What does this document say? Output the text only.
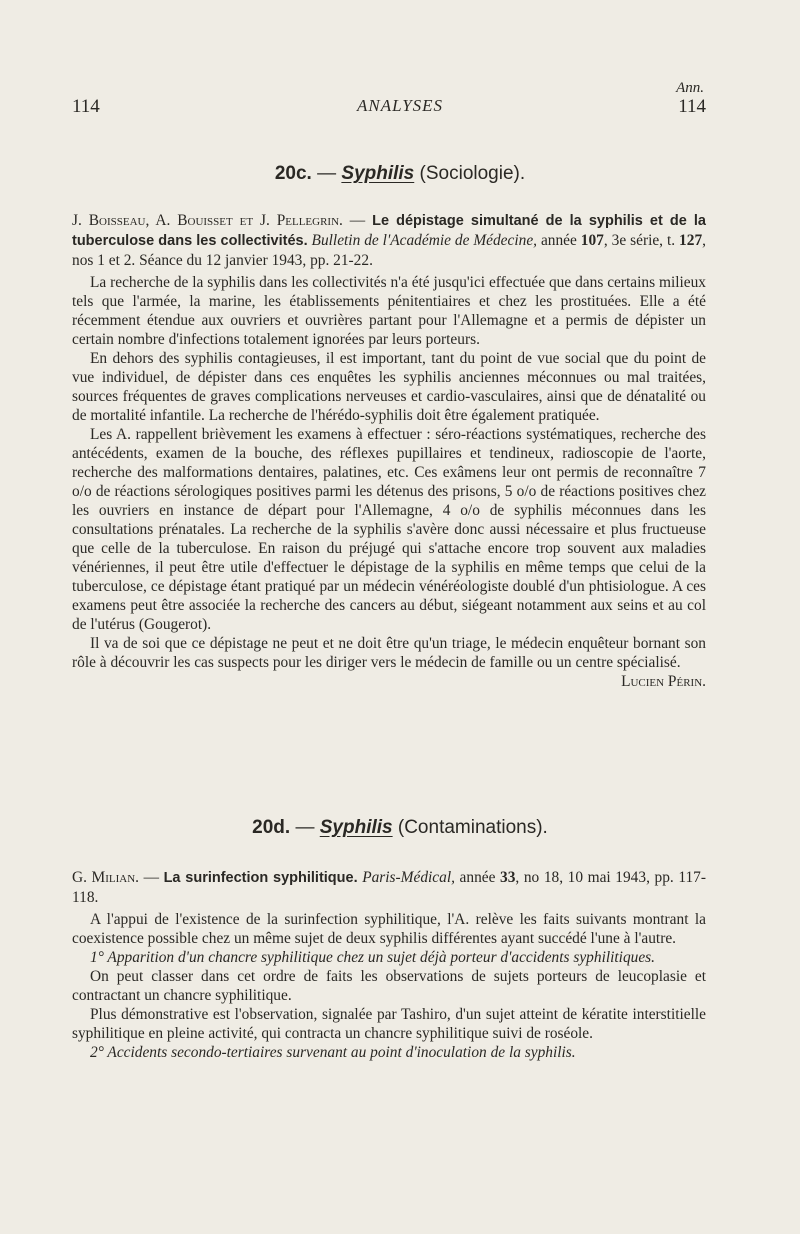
Ann.
114	ANALYSES	114
20c. — Syphilis (Sociologie).
J. Boisseau, A. Bouisset et J. Pellegrin. — Le dépistage simultané de la syphilis et de la tuberculose dans les collectivités. Bulletin de l'Académie de Médecine, année 107, 3e série, t. 127, nos 1 et 2. Séance du 12 janvier 1943, pp. 21-22.

La recherche de la syphilis dans les collectivités n'a été jusqu'ici effectuée que dans certains milieux tels que l'armée, la marine, les établissements pénitentiaires et chez les prostituées. Elle a été récemment étendue aux ouvriers et ouvrières partant pour l'Allemagne et a permis de dépister un certain nombre d'infections totalement ignorées par leurs porteurs.

En dehors des syphilis contagieuses, il est important, tant du point de vue social que du point de vue individuel, de dépister dans ces enquêtes les syphilis anciennes méconnues ou mal traitées, sources fréquentes de graves complications nerveuses et cardio-vasculaires, ainsi que de dénatalité ou de mortalité infantile. La recherche de l'hérédo-syphilis doit être également pratiquée.

Les A. rappellent brièvement les examens à effectuer : séro-réactions systématiques, recherche des antécédents, examen de la bouche, des réflexes pupillaires et tendineux, radioscopie de l'aorte, recherche des malformations dentaires, palatines, etc. Ces exâmens leur ont permis de reconnaître 7 o/o de réactions sérologiques positives parmi les détenus des prisons, 5 o/o de réactions positives chez les ouvriers en instance de départ pour l'Allemagne, 4 o/o de syphilis méconnues dans les consultations prénatales. La recherche de la syphilis s'avère donc aussi nécessaire et plus fructueuse que celle de la tuberculose. En raison du préjugé qui s'attache encore trop souvent aux maladies vénériennes, il peut être utile d'effectuer le dépistage de la syphilis en même temps que celui de la tuberculose, ce dépistage étant pratiqué par un médecin vénéréologiste doublé d'un phtisiologue. A ces examens peut être associée la recherche des cancers au début, siégeant notamment aux seins et au col de l'utérus (Gougerot).

Il va de soi que ce dépistage ne peut et ne doit être qu'un triage, le médecin enquêteur bornant son rôle à découvrir les cas suspects pour les diriger vers le médecin de famille ou un centre spécialisé.

Lucien Périn.
20d. — Syphilis (Contaminations).
G. Milian. — La surinfection syphilitique. Paris-Médical, année 33, no 18, 10 mai 1943, pp. 117-118.

A l'appui de l'existence de la surinfection syphilitique, l'A. relève les faits suivants montrant la coexistence possible chez un même sujet de deux syphilis différentes ayant succédé l'une à l'autre.

1° Apparition d'un chancre syphilitique chez un sujet déjà porteur d'accidents syphilitiques.

On peut classer dans cet ordre de faits les observations de sujets porteurs de leucoplasie et contractant un chancre syphilitique.

Plus démonstrative est l'observation, signalée par Tashiro, d'un sujet atteint de kératite interstitielle syphilitique en pleine activité, qui contracta un chancre syphilitique suivi de roséole.

2° Accidents secondo-tertiaires survenant au point d'inoculation de la syphilis.
